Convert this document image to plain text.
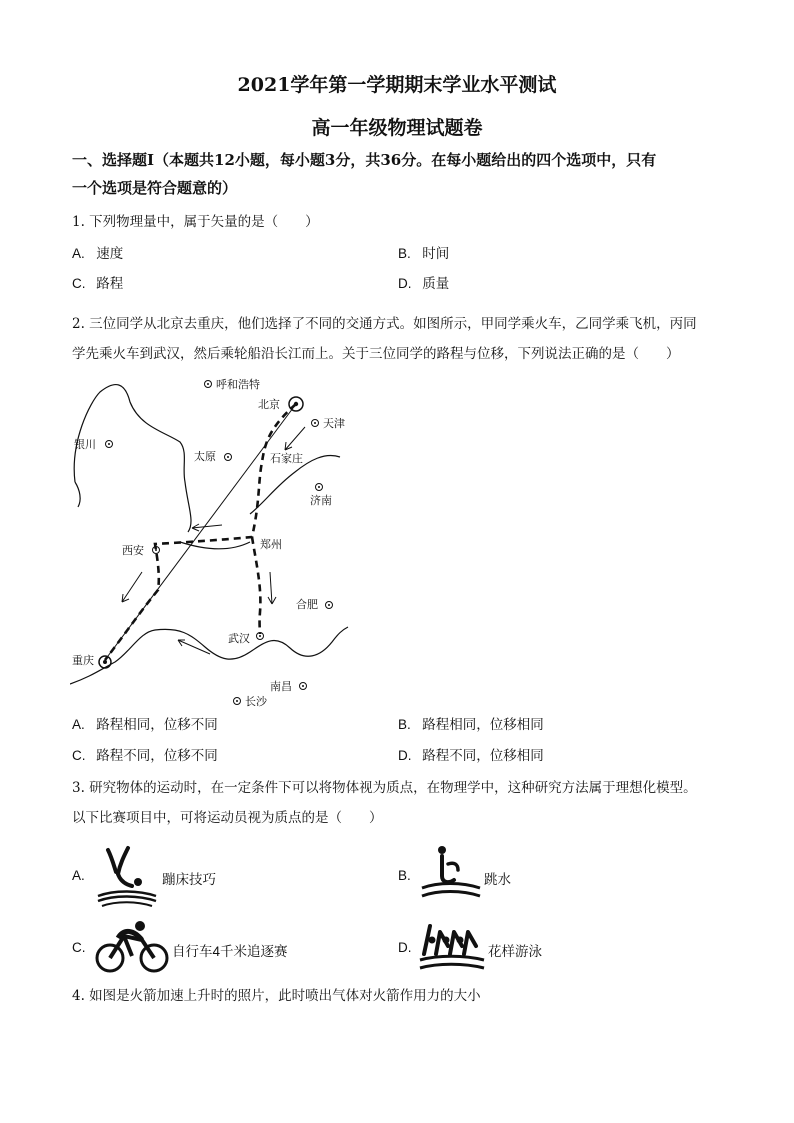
2021学年第一学期期末学业水平测试
高一年级物理试题卷
一、选择题Ⅰ（本题共12小题，每小题3分，共36分。在每小题给出的四个选项中，只有
一个选项是符合题意的）
1. 下列物理量中，属于矢量的是（　　）
A. 速度	B. 时间
C. 路程	D. 质量
2. 三位同学从北京去重庆，他们选择了不同的交通方式。如图所示，甲同学乘火车，乙同学乘飞机，丙同
学先乘火车到武汉，然后乘轮船沿长江而上。关于三位同学的路程与位移，下列说法正确的是（　　）
呼和浩特
北京
天津
银川
太原	石家庄
济南
西安	郑州
合肥
武汉
重庆
南昌
长沙
A. 路程相同，位移不同	B. 路程相同，位移相同
C. 路程不同，位移不同	D. 路程不同，位移相同
3. 研究物体的运动时，在一定条件下可以将物体视为质点，在物理学中，这种研究方法属于理想化模型。
以下比赛项目中，可将运动员视为质点的是（　　）
A.	蹦床技巧	B.	跳水
C.	自行车4千米追逐赛	D.	花样游泳
4. 如图是火箭加速上升时的照片，此时喷出气体对火箭作用力的大小
